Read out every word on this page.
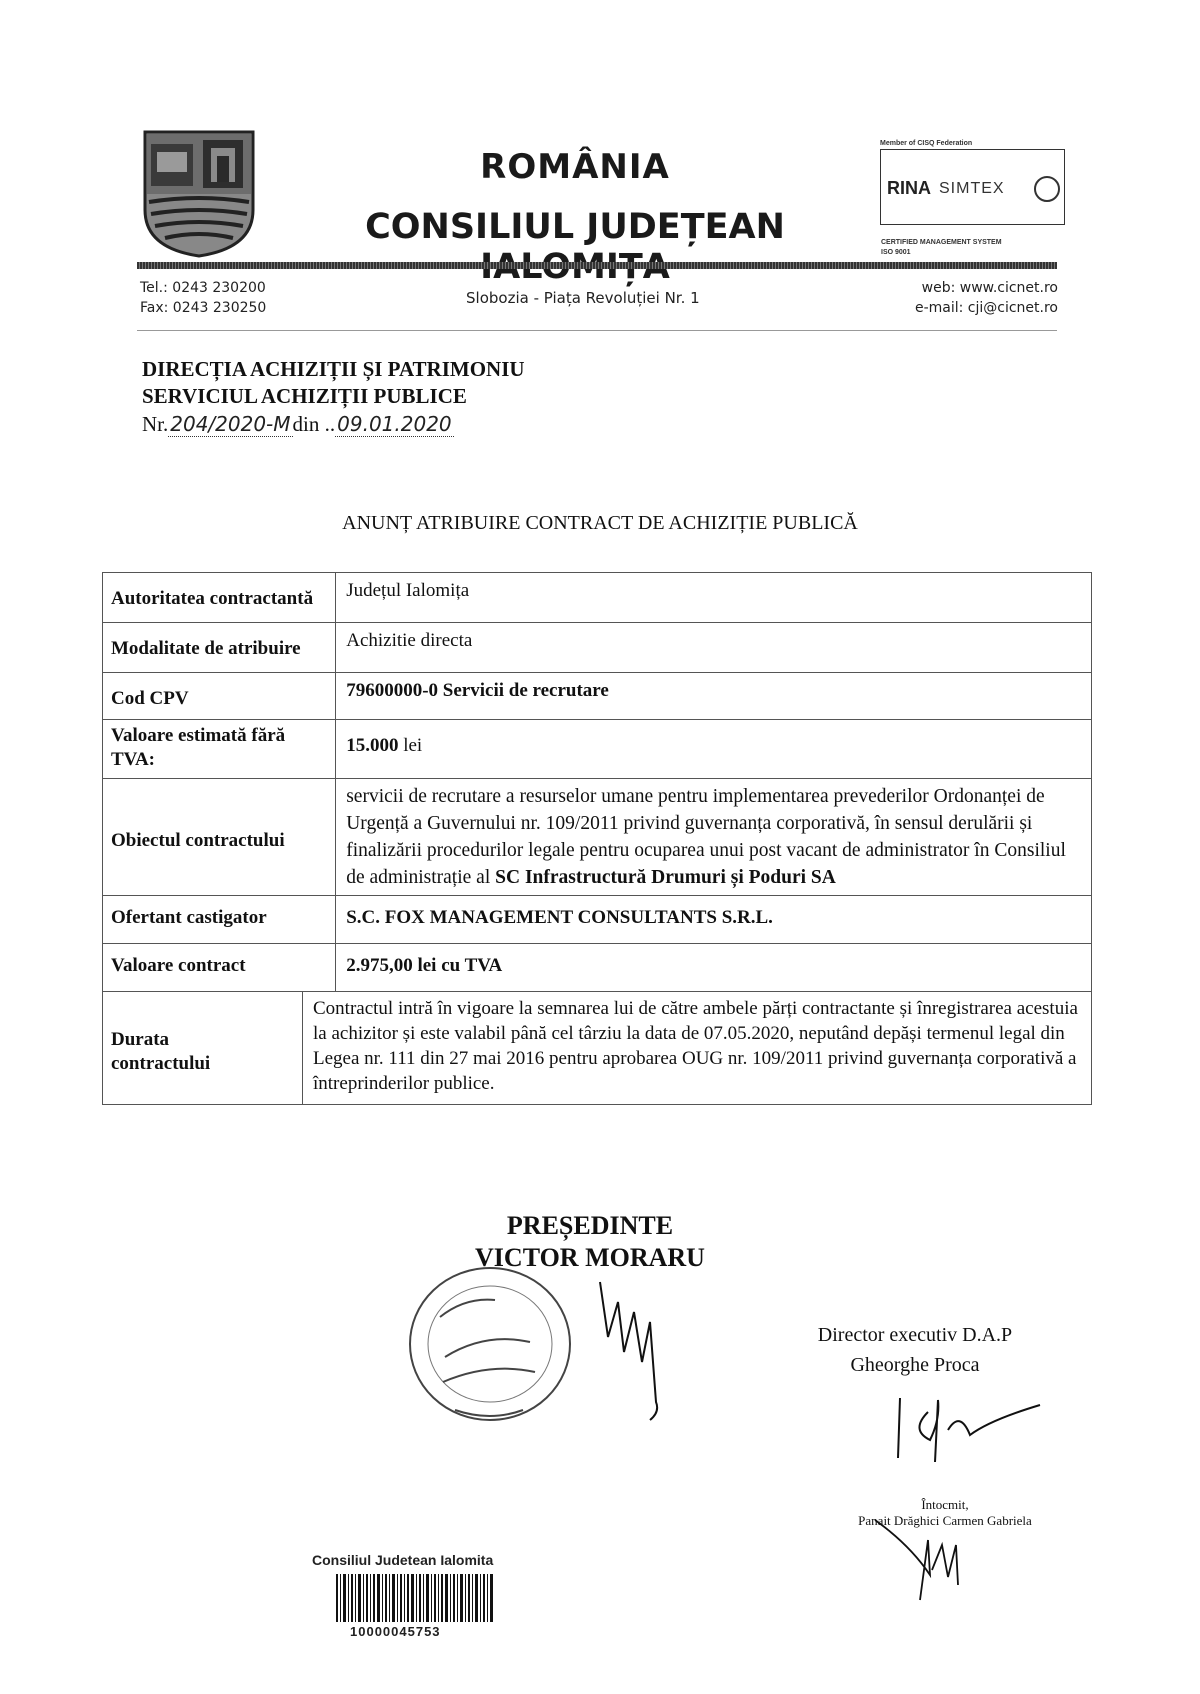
ROMÂNIA
CONSILIUL JUDEȚEAN
Member of CISQ Federation
RINA SIMTEX
CERTIFIED MANAGEMENT SYSTEM
ISO 9001
Tel.: 0243 230200
Fax: 0243 230250
Slobozia - Piața Revoluției Nr. 1
web: www.cicnet.ro
e-mail: cji@cicnet.ro
DIRECȚIA ACHIZIȚII ȘI PATRIMONIU
SERVICIUL ACHIZIȚII PUBLICE
Nr. 204/2020-Mdin .. 09.01.2020
ANUNȚ ATRIBUIRE CONTRACT DE ACHIZIȚIE PUBLICĂ
Autoritatea contractantă		Județul Ialomița
Modalitate de atribuire		Achizitie directa
Cod CPV		79600000-0 Servicii de recrutare
Valoare estimată fără TVA:		15.000 lei
Obiectul contractului		servicii de recrutare a resurselor umane pentru implementarea prevederilor Ordonanței de Urgență a Guvernului nr. 109/2011 privind guvernanța corporativă, în sensul derulării și finalizării procedurilor legale pentru ocuparea unui post vacant de administrator în Consiliul de administrație al SC Infrastructură Drumuri și Poduri SA
Ofertant castigator		S.C. FOX MANAGEMENT CONSULTANTS S.R.L.
Valoare contract		2.975,00 lei cu TVA

Durata
contractului	Contractul intră în vigoare la semnarea lui de către ambele părți contractante și înregistrarea acestuia la achizitor și este valabil până cel târziu la data de 07.05.2020, neputând depăși termenul legal din Legea nr. 111 din 27 mai 2016 pentru aprobarea OUG nr. 109/2011 privind guvernanța corporativă a întreprinderilor publice.	
PREȘEDINTE
VICTOR MORARU
Director executiv D.A.P
Gheorghe Proca
Întocmit,
Panait Drăghici Carmen Gabriela
Consiliul Judetean Ialomita
10000045753
